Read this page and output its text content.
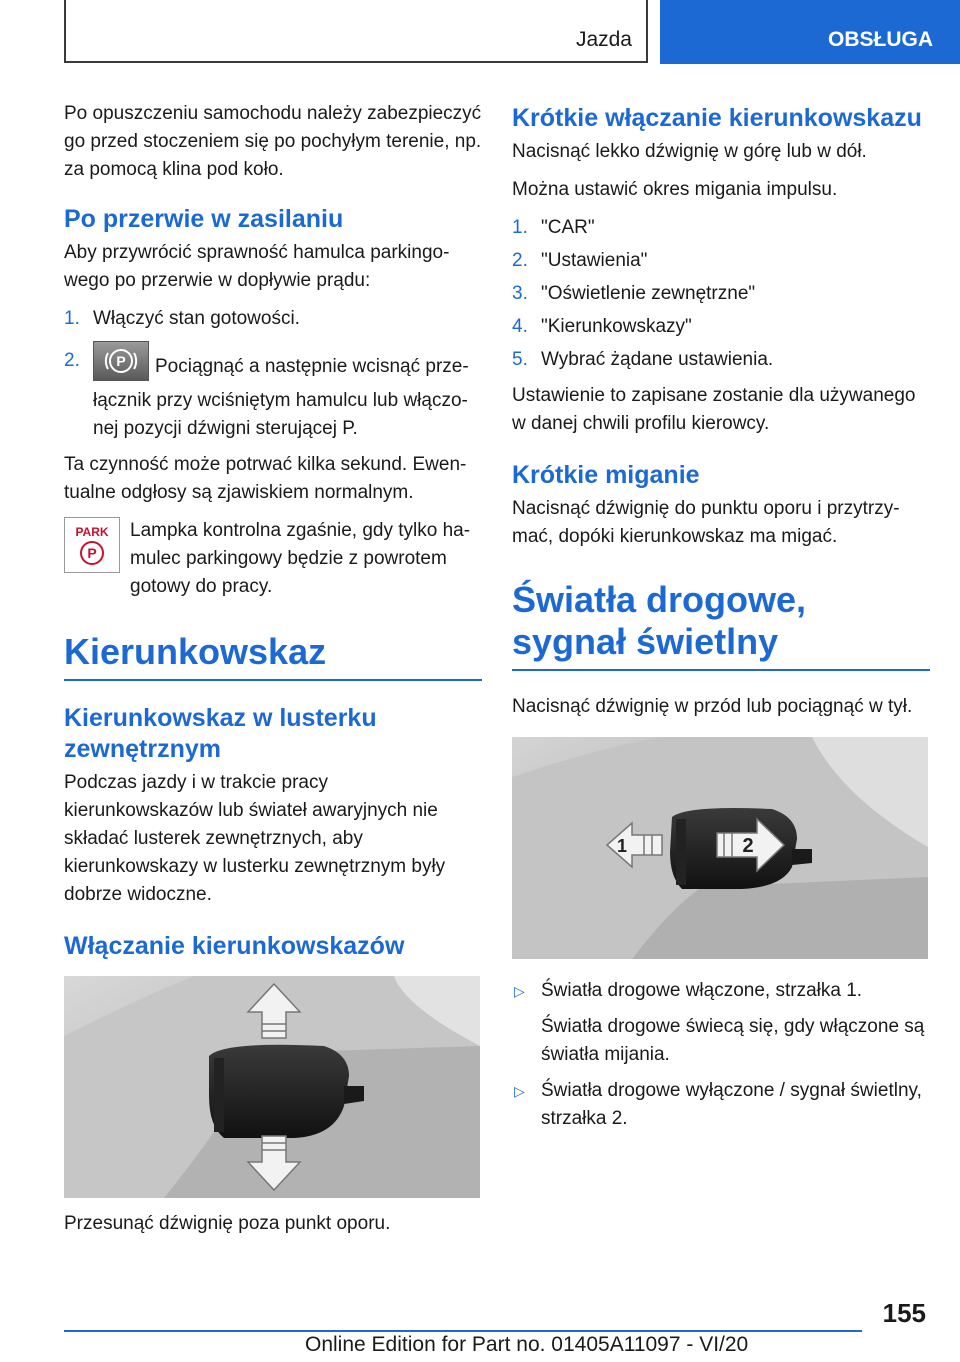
Jazda	OBSŁUGA

Po opuszczeniu samochodu należy zabezpieczyć go przed stoczeniem się po pochyłym terenie, np. za pomocą klina pod koło.

Po przerwie w zasilaniu

Aby przywrócić sprawność hamulca parkingowego po przerwie w dopływie prądu:

1. Włączyć stan gotowości.
2.	P Pociągnąć a następnie wcisnąć przełącznik przy wciśniętym hamulcu lub włączonej pozycji dźwigni sterującej P.

Ta czynność może potrwać kilka sekund. Ewentualne odgłosy są zjawiskiem normalnym.

PARK
P

Lampka kontrolna zgaśnie, gdy tylko hamulec parkingowy będzie z powrotem gotowy do pracy.

Kierunkowskaz
Kierunkowskaz w lusterku zewnętrznym

Podczas jazdy i w trakcie pracy kierunkowskazów lub świateł awaryjnych nie składać lusterek zewnętrznych, aby kierunkowskazy w lusterku zewnętrznym były dobrze widoczne.

Włączanie kierunkowskazów

Przesunąć dźwignię poza punkt oporu.

Krótkie włączanie kierunkowskazu

Nacisnąć lekko dźwignię w górę lub w dół.

Można ustawić okres migania impulsu.

1. "CAR"
2. "Ustawienia"
3. "Oświetlenie zewnętrzne"
4. "Kierunkowskazy"
5. Wybrać żądane ustawienia.

Ustawienie to zapisane zostanie dla używanego w danej chwili profilu kierowcy.

Krótkie miganie

Nacisnąć dźwignię do punktu oporu i przytrzymać, dopóki kierunkowskaz ma migać.

Światła drogowe, sygnał świetlny

Nacisnąć dźwignię w przód lub pociągnąć w tył.

1	2
▷ Światła drogowe włączone, strzałka 1.
Światła drogowe świecą się, gdy włączone są światła mijania.
▷ Światła drogowe wyłączone / sygnał świetlny, strzałka 2.
155
Online Edition for Part no. 01405A11097 - VI/20
